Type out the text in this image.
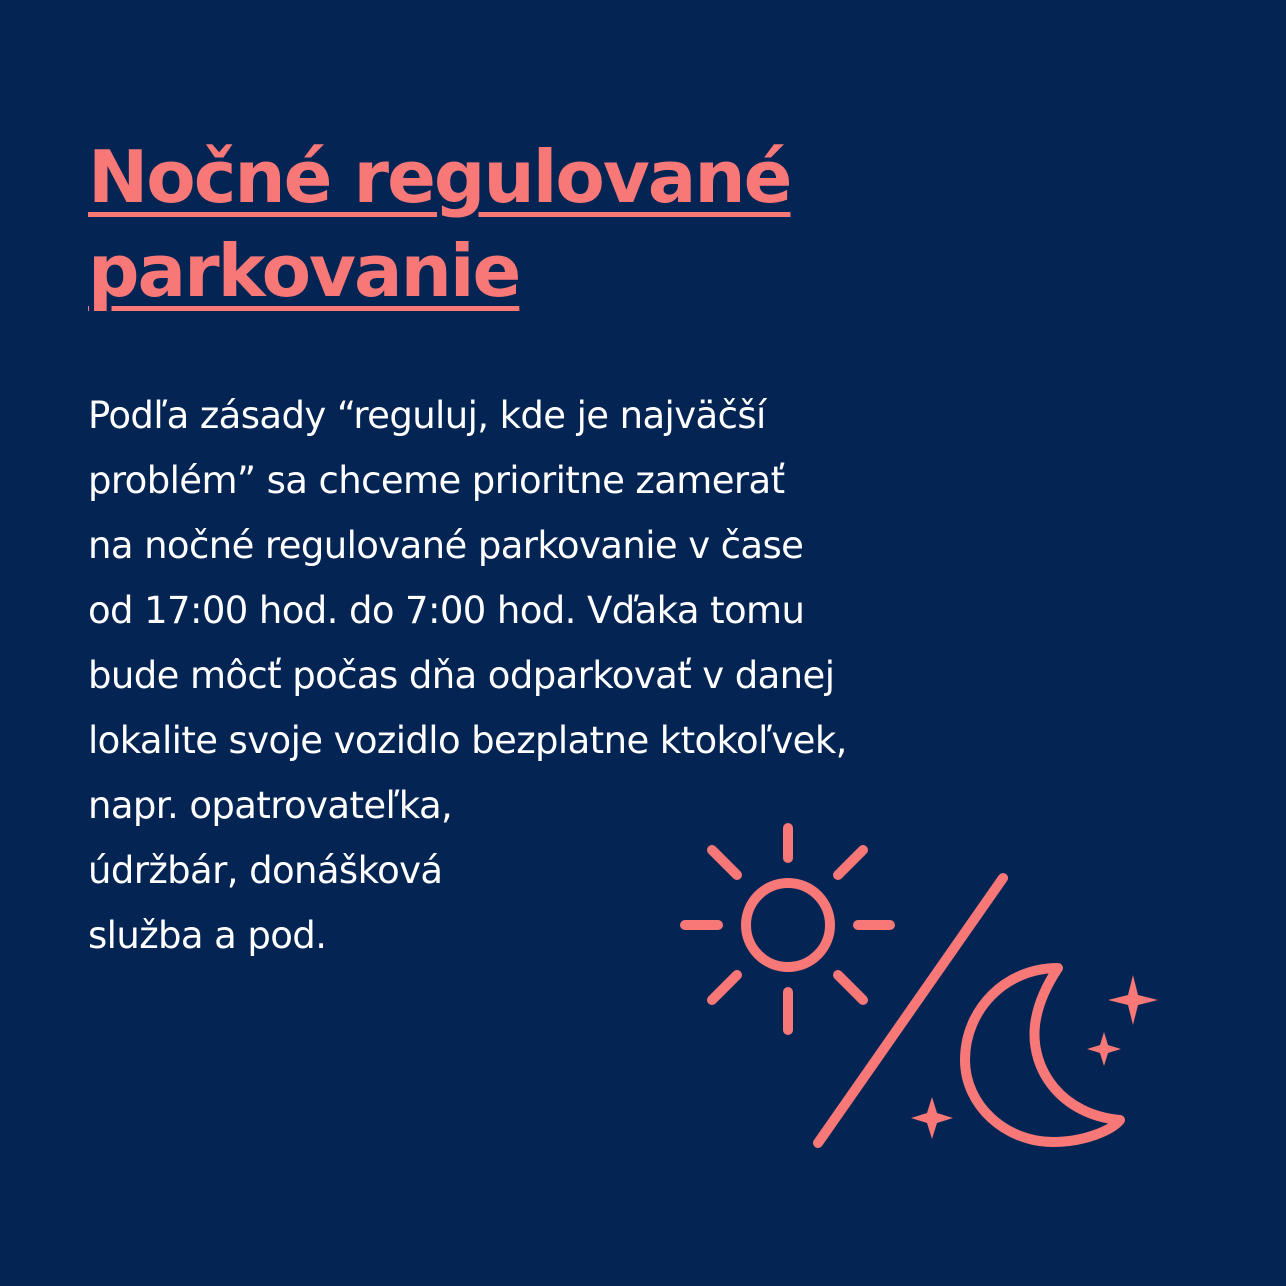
Nočné regulované
parkovanie
Podľa zásady “reguluj, kde je najväčší
problém” sa chceme prioritne zamerať
na nočné regulované parkovanie v čase
od 17:00 hod. do 7:00 hod. Vďaka tomu
bude môcť počas dňa odparkovať v danej
lokalite svoje vozidlo bezplatne ktokoľvek,
napr. opatrovateľka,
údržbár, donášková
služba a pod.
